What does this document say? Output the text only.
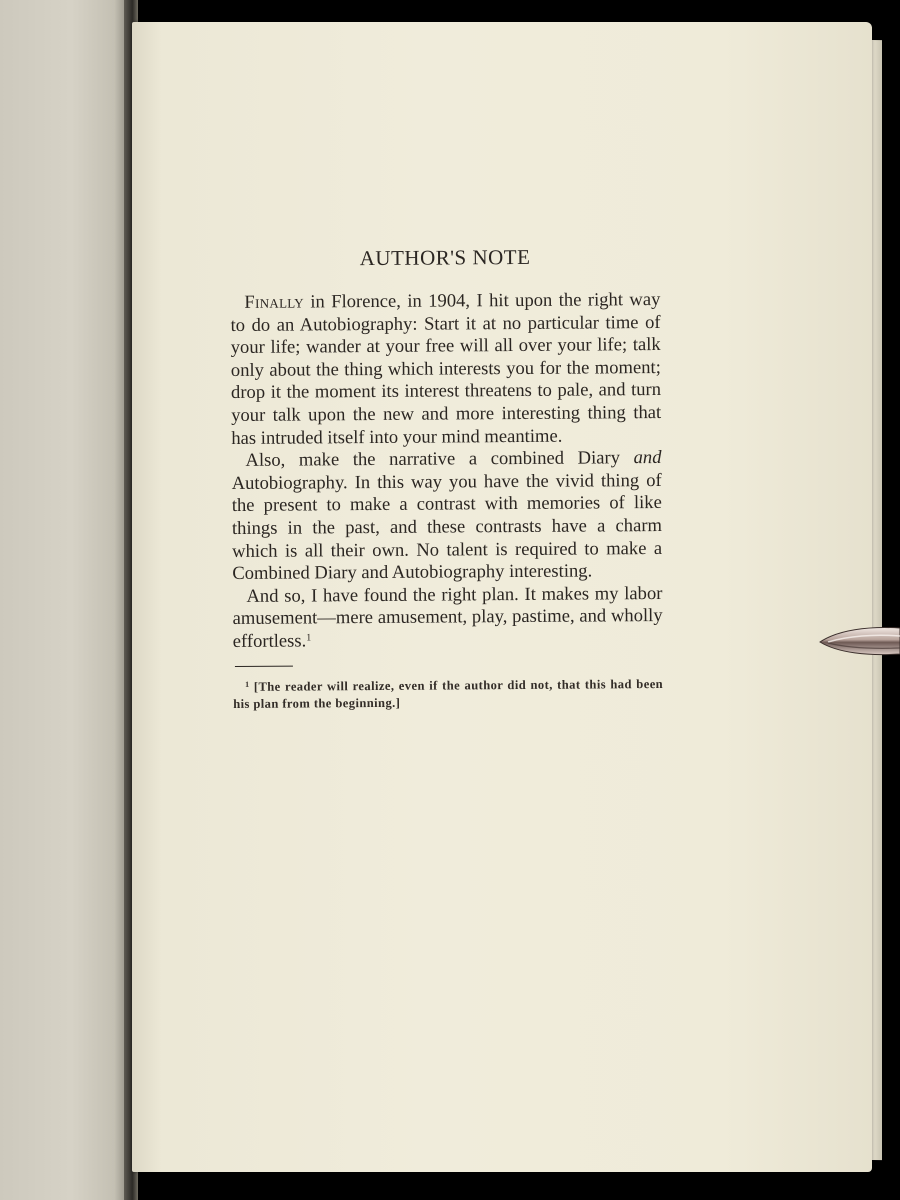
AUTHOR'S NOTE

Finally in Florence, in 1904, I hit upon the right way to do an Autobiography: Start it at no particular time of your life; wander at your free will all over your life; talk only about the thing which interests you for the moment; drop it the moment its interest threatens to pale, and turn your talk upon the new and more interesting thing that has intruded itself into your mind meantime.

Also, make the narrative a combined Diary and Autobiography. In this way you have the vivid thing of the present to make a contrast with memories of like things in the past, and these contrasts have a charm which is all their own. No talent is required to make a Combined Diary and Autobiography interesting.

And so, I have found the right plan. It makes my labor amusement—mere amusement, play, pastime, and wholly effortless.$^1$

$^1$ [The reader will realize, even if the author did not, that this had been his plan from the beginning.]
